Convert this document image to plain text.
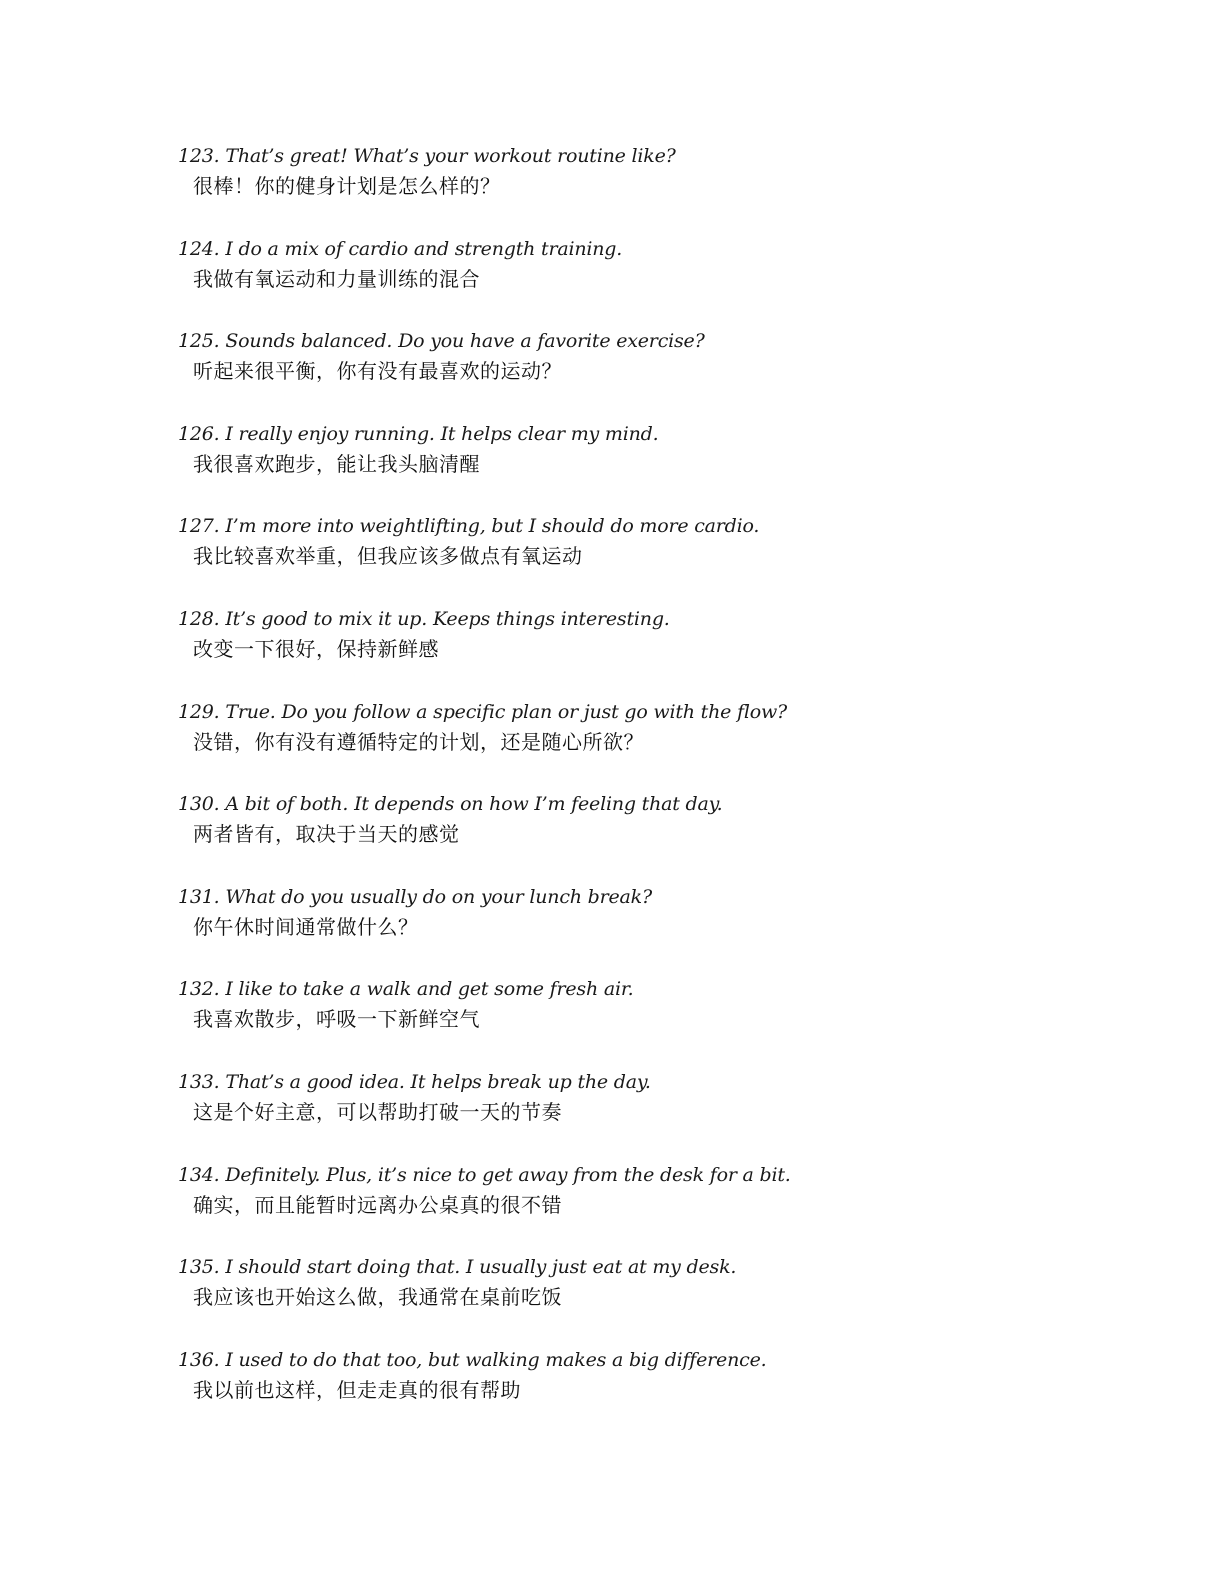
123. That’s great! What’s your workout routine like?
很棒！你的健身计划是怎么样的？
124. I do a mix of cardio and strength training.
我做有氧运动和力量训练的混合
125. Sounds balanced. Do you have a favorite exercise?
听起来很平衡，你有没有最喜欢的运动？
126. I really enjoy running. It helps clear my mind.
我很喜欢跑步，能让我头脑清醒
127. I’m more into weightlifting, but I should do more cardio.
我比较喜欢举重，但我应该多做点有氧运动
128. It’s good to mix it up. Keeps things interesting.
改变一下很好，保持新鲜感
129. True. Do you follow a specific plan or just go with the flow?
没错，你有没有遵循特定的计划，还是随心所欲？
130. A bit of both. It depends on how I’m feeling that day.
两者皆有，取决于当天的感觉
131. What do you usually do on your lunch break?
你午休时间通常做什么？
132. I like to take a walk and get some fresh air.
我喜欢散步，呼吸一下新鲜空气
133. That’s a good idea. It helps break up the day.
这是个好主意，可以帮助打破一天的节奏
134. Definitely. Plus, it’s nice to get away from the desk for a bit.
确实，而且能暂时远离办公桌真的很不错
135. I should start doing that. I usually just eat at my desk.
我应该也开始这么做，我通常在桌前吃饭
136. I used to do that too, but walking makes a big difference.
我以前也这样，但走走真的很有帮助
